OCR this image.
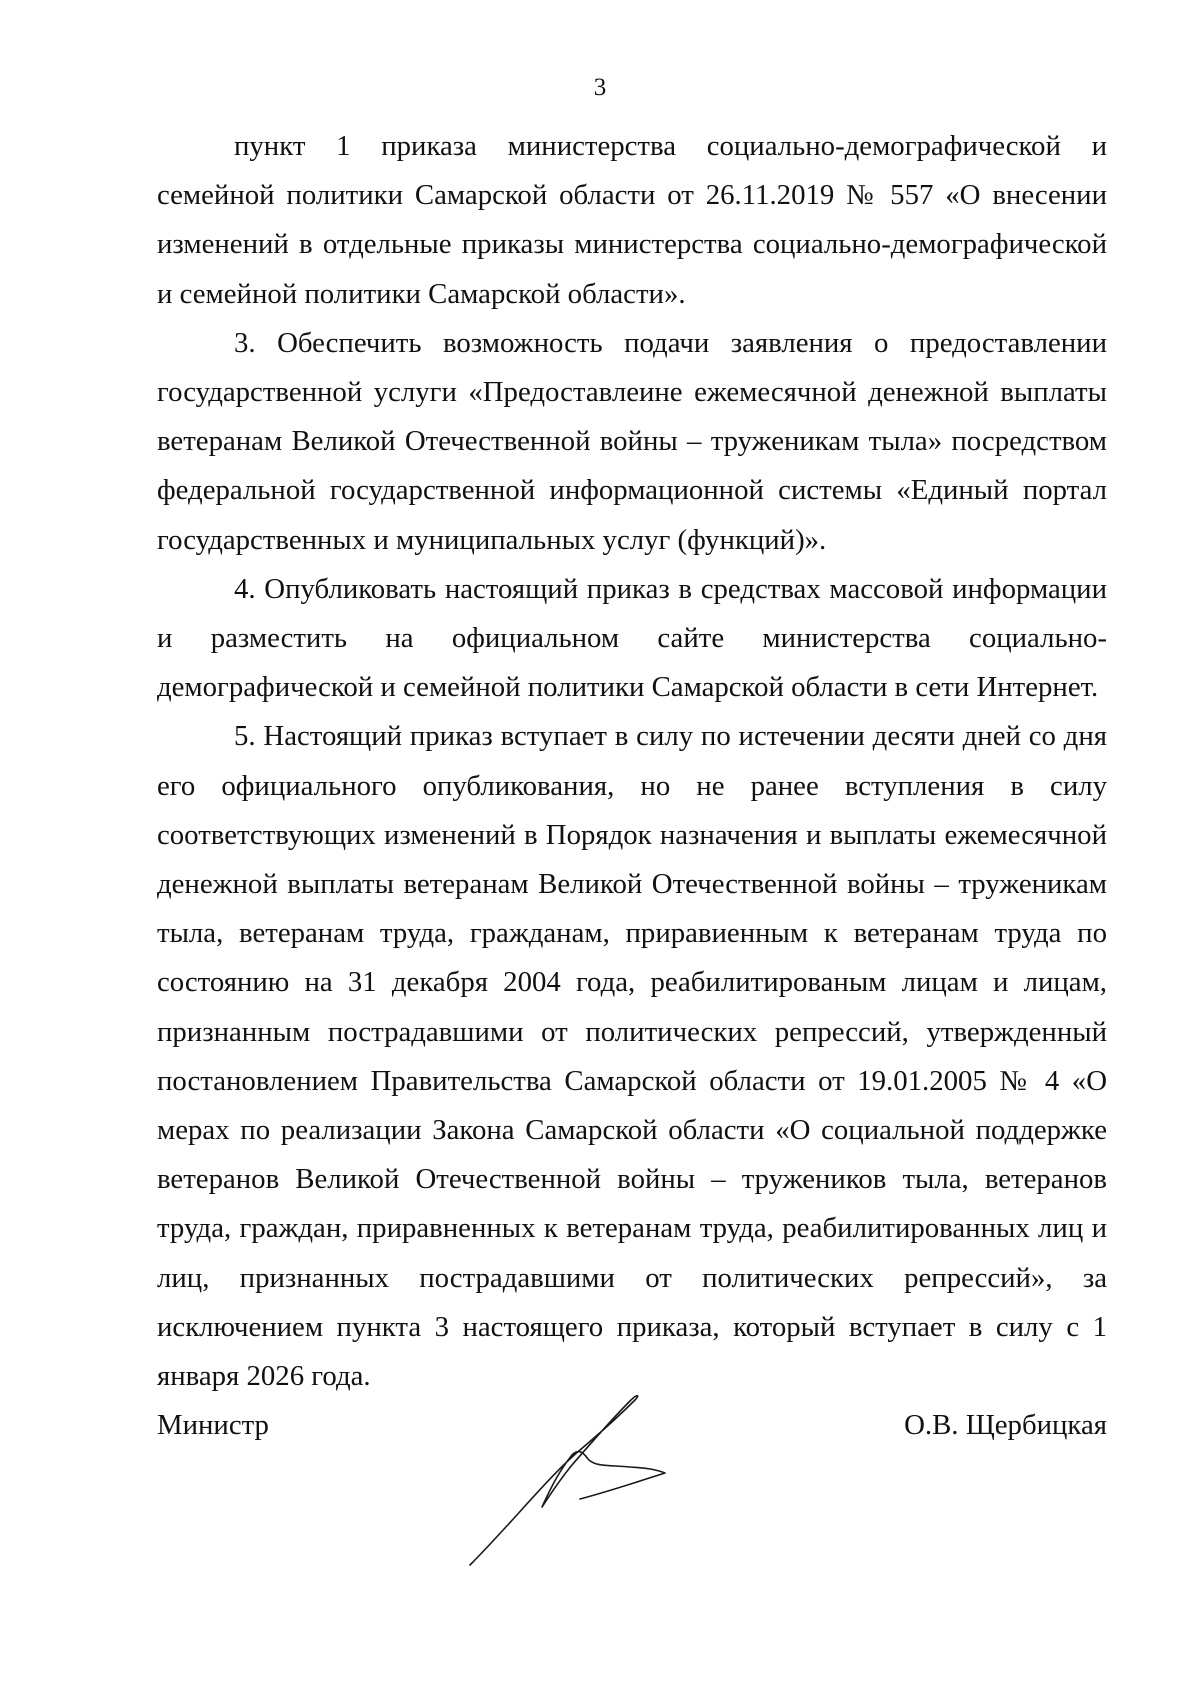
3

пункт 1 приказа министерства социально-демографической и семейной политики Самарской области от 26.11.2019 № 557 «О внесении изменений в отдельные приказы министерства социально-демографической и семейной политики Самарской области».

3. Обеспечить возможность подачи заявления о предоставлении государственной услуги «Предоставлеине ежемесячной денежной выплаты ветеранам Великой Отечественной войны – труженикам тыла» посредством федеральной государственной информационной системы «Единый портал государственных и муниципальных услуг (функций)».

4. Опубликовать настоящий приказ в средствах массовой информации и разместить на официальном сайте министерства социально-демографической и семейной политики Самарской области в сети Интернет.

5. Настоящий приказ вступает в силу по истечении десяти дней со дня его официального опубликования, но не ранее вступления в силу соответствующих изменений в Порядок назначения и выплаты ежемесячной денежной выплаты ветеранам Великой Отечественной войны – труженикам тыла, ветеранам труда, гражданам, приравиенным к ветеранам труда по состоянию на 31 декабря 2004 года, реабилитированым лицам и лицам, признанным пострадавшими от политических репрессий, утвержденный постановлением Правительства Самарской области от 19.01.2005 № 4 «О мерах по реализации Закона Самарской области «О социальной поддержке ветеранов Великой Отечественной войны – тружеников тыла, ветеранов труда, граждан, приравненных к ветеранам труда, реабилитированных лиц и лиц, признанных пострадавшими от политических репрессий», за исключением пункта 3 настоящего приказа, который вступает в силу с 1 января 2026 года.

Министр	О.В. Щербицкая
